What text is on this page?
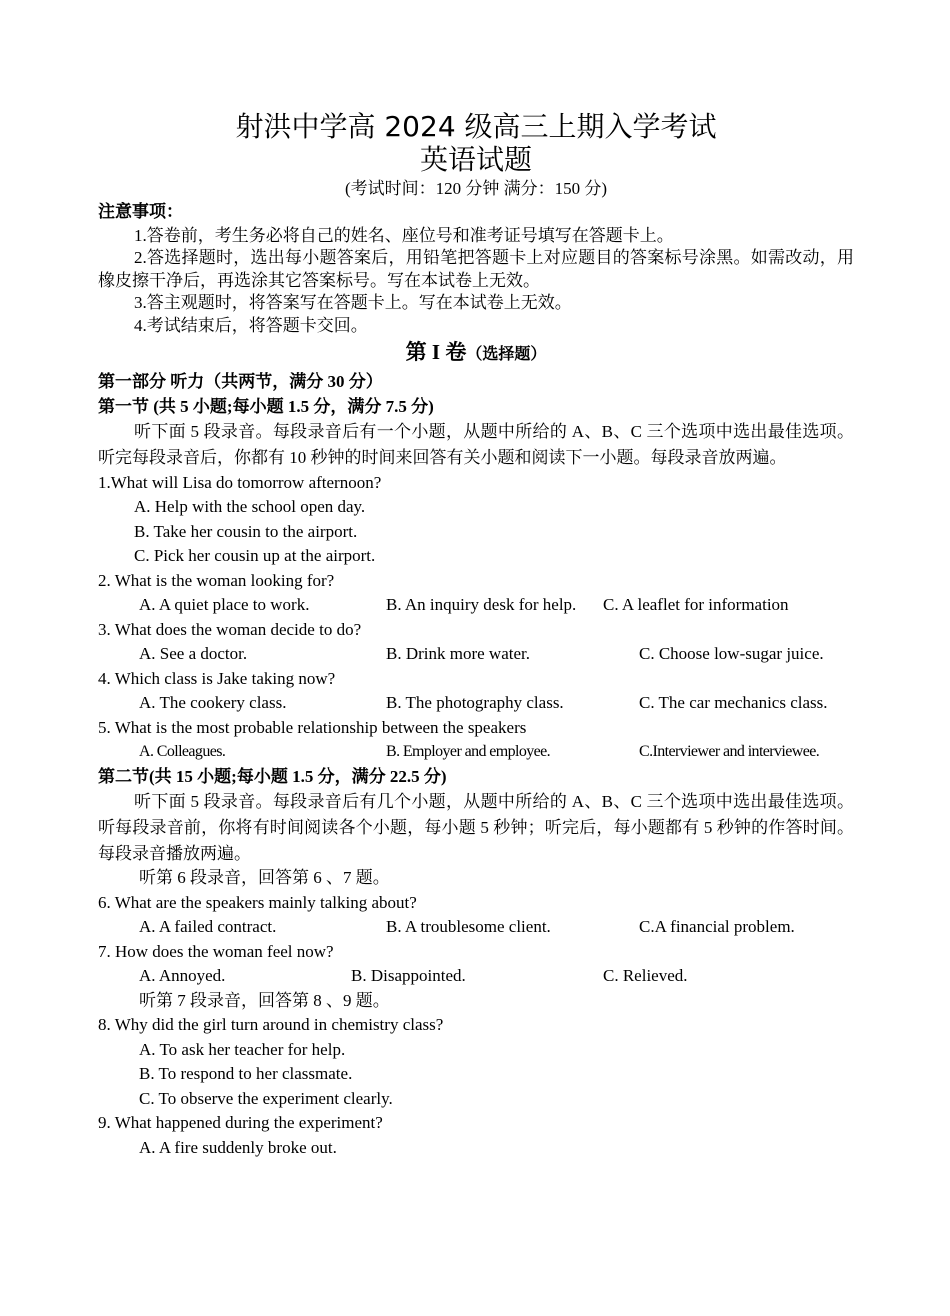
射洪中学高 2024 级高三上期入学考试
英语试题
(考试时间：120 分钟 满分：150 分)
注意事项：
1.答卷前，考生务必将自己的姓名、座位号和准考证号填写在答题卡上。
2.答选择题时，选出每小题答案后，用铅笔把答题卡上对应题目的答案标号涂黑。如需改动，用橡皮擦干净后，再选涂其它答案标号。写在本试卷上无效。
3.答主观题时，将答案写在答题卡上。写在本试卷上无效。
4.考试结束后，将答题卡交回。
第 I 卷（选择题）
第一部分 听力（共两节，满分 30 分）
第一节 (共 5 小题;每小题 1.5 分，满分 7.5 分)
听下面 5 段录音。每段录音后有一个小题，从题中所给的 A、B、C 三个选项中选出最佳选项。听完每段录音后，你都有 10 秒钟的时间来回答有关小题和阅读下一小题。每段录音放两遍。
1.What will Lisa do tomorrow afternoon?
A. Help with the school open day.
B. Take her cousin to the airport.
C. Pick her cousin up at the airport.
2. What is the woman looking for?
A. A quiet place to work.	B. An inquiry desk for help. C. A leaflet for information
3. What does the woman decide to do?
A. See a doctor.	B. Drink more water.	C. Choose low-sugar juice.
4. Which class is Jake taking now?
A. The cookery class.	B. The photography class.	C. The car mechanics class.
5. What is the most probable relationship between the speakers
A. Colleagues.	B. Employer and employee.	C.Interviewer and interviewee.
第二节(共 15 小题;每小题 1.5 分，满分 22.5 分)
听下面 5 段录音。每段录音后有几个小题，从题中所给的 A、B、C 三个选项中选出最佳选项。听每段录音前，你将有时间阅读各个小题，每小题 5 秒钟；听完后，每小题都有 5 秒钟的作答时间。每段录音播放两遍。
听第 6 段录音，回答第 6 、7 题。
6. What are the speakers mainly talking about?
A. A failed contract.	B. A troublesome client.	C.A financial problem.
7. How does the woman feel now?
A. Annoyed.	B. Disappointed.	C. Relieved.
听第 7 段录音，回答第 8 、9 题。
8. Why did the girl turn around in chemistry class?
A. To ask her teacher for help.
B. To respond to her classmate.
C. To observe the experiment clearly.
9. What happened during the experiment?
A. A fire suddenly broke out.
